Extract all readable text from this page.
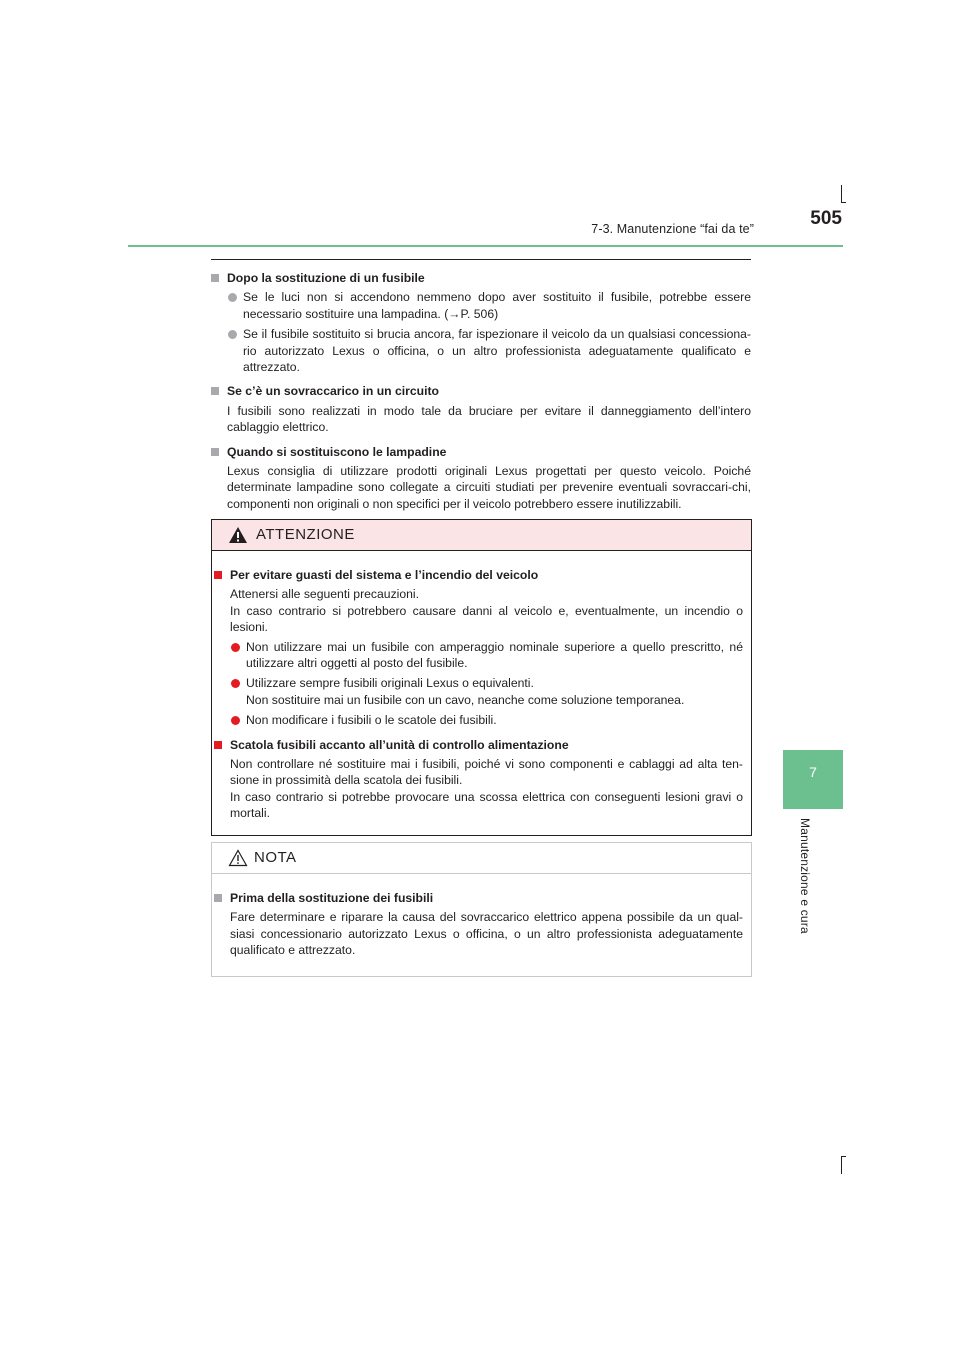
7-3. Manutenzione “fai da te”	505
7
Manutenzione e cura
Dopo la sostituzione di un fusibile
Se le luci non si accendono nemmeno dopo aver sostituito il fusibile, potrebbe essere necessario sostituire una lampadina. (→P. 506)
Se il fusibile sostituito si brucia ancora, far ispezionare il veicolo da un qualsiasi concessiona-rio autorizzato Lexus o officina, o un altro professionista adeguatamente qualificato e attrezzato.
Se c’è un sovraccarico in un circuito
I fusibili sono realizzati in modo tale da bruciare per evitare il danneggiamento dell’intero cablaggio elettrico.
Quando si sostituiscono le lampadine
Lexus consiglia di utilizzare prodotti originali Lexus progettati per questo veicolo. Poiché determinate lampadine sono collegate a circuiti studiati per prevenire eventuali sovraccari-chi, componenti non originali o non specifici per il veicolo potrebbero essere inutilizzabili.
ATTENZIONE
Per evitare guasti del sistema e l’incendio del veicolo
Attenersi alle seguenti precauzioni.
In caso contrario si potrebbero causare danni al veicolo e, eventualmente, un incendio o lesioni.
Non utilizzare mai un fusibile con amperaggio nominale superiore a quello prescritto, né utilizzare altri oggetti al posto del fusibile.
Utilizzare sempre fusibili originali Lexus o equivalenti.
Non sostituire mai un fusibile con un cavo, neanche come soluzione temporanea.
Non modificare i fusibili o le scatole dei fusibili.
Scatola fusibili accanto all’unità di controllo alimentazione
Non controllare né sostituire mai i fusibili, poiché vi sono componenti e cablaggi ad alta ten-sione in prossimità della scatola dei fusibili.
In caso contrario si potrebbe provocare una scossa elettrica con conseguenti lesioni gravi o mortali.
NOTA
Prima della sostituzione dei fusibili
Fare determinare e riparare la causa del sovraccarico elettrico appena possibile da un qual-siasi concessionario autorizzato Lexus o officina, o un altro professionista adeguatamente qualificato e attrezzato.
